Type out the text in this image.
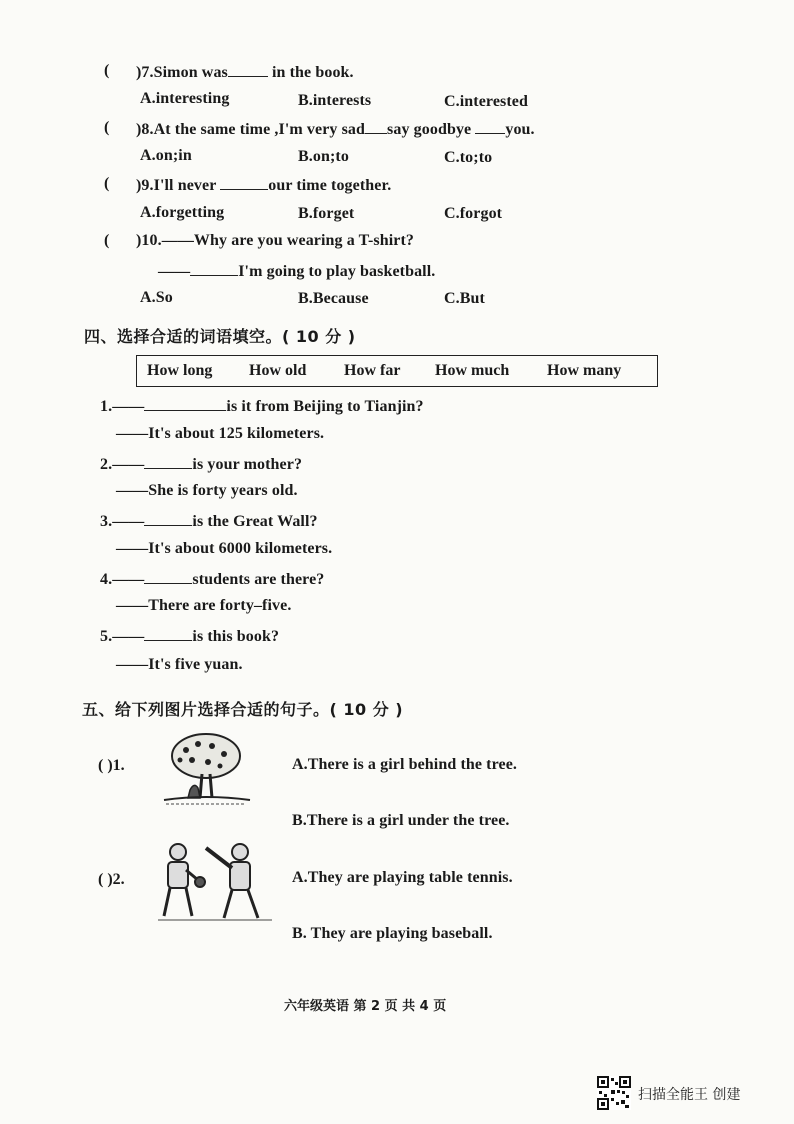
( )7.Simon was	in the book.
A.interesting	B.interests	C.interested
( )8.At the same time ,I'm very sad say goodbye you.
A.on;in	B.on;to	C.to;to
( )9.I'll never	our time together.
A.forgetting	B.forget	C.forgot
( )10.——Why are you wearing a T-shirt?
——	I'm going to play basketball.
A.So	B.Because	C.But
四、选择合适的词语填空。( 10 分 )
How long How old How far How much How many
1.——	is it from Beijing to Tianjin?
——It's about 125 kilometers.
2.——	is your mother?
——She is forty years old.
3.——	is the Great Wall?
——It's about 6000 kilometers.
4.——	students are there?
——There are forty–five.
5.——	is this book?
——It's five yuan.
五、给下列图片选择合适的句子。( 10 分 )
( )1.	A.There is a girl behind the tree.
B.There is a girl under the tree.
( )2.	A.They are playing table tennis.
B. They are playing baseball.
六年级英语 第 2 页 共 4 页
扫描全能王 创建
